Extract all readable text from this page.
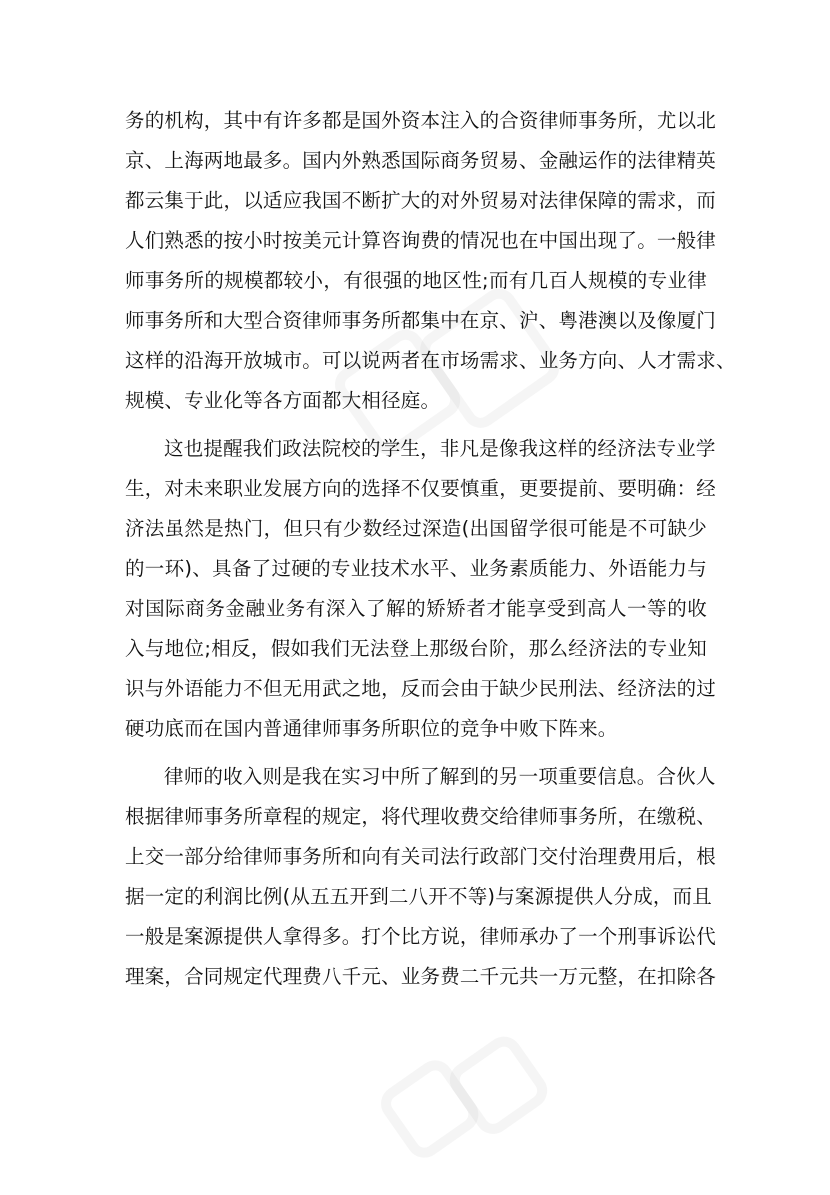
务的机构，其中有许多都是国外资本注入的合资律师事务所，尤以北
京、上海两地最多。国内外熟悉国际商务贸易、金融运作的法律精英
都云集于此，以适应我国不断扩大的对外贸易对法律保障的需求，而
人们熟悉的按小时按美元计算咨询费的情况也在中国出现了。一般律
师事务所的规模都较小，有很强的地区性;而有几百人规模的专业律
师事务所和大型合资律师事务所都集中在京、沪、粤港澳以及像厦门
这样的沿海开放城市。可以说两者在市场需求、业务方向、人才需求、
规模、专业化等各方面都大相径庭。
这也提醒我们政法院校的学生，非凡是像我这样的经济法专业学
生，对未来职业发展方向的选择不仅要慎重，更要提前、要明确：经
济法虽然是热门，但只有少数经过深造(出国留学很可能是不可缺少
的一环)、具备了过硬的专业技术水平、业务素质能力、外语能力与
对国际商务金融业务有深入了解的矫矫者才能享受到高人一等的收
入与地位;相反，假如我们无法登上那级台阶，那么经济法的专业知
识与外语能力不但无用武之地，反而会由于缺少民刑法、经济法的过
硬功底而在国内普通律师事务所职位的竞争中败下阵来。
律师的收入则是我在实习中所了解到的另一项重要信息。合伙人
根据律师事务所章程的规定，将代理收费交给律师事务所，在缴税、
上交一部分给律师事务所和向有关司法行政部门交付治理费用后，根
据一定的利润比例(从五五开到二八开不等)与案源提供人分成，而且
一般是案源提供人拿得多。打个比方说，律师承办了一个刑事诉讼代
理案，合同规定代理费八千元、业务费二千元共一万元整，在扣除各
